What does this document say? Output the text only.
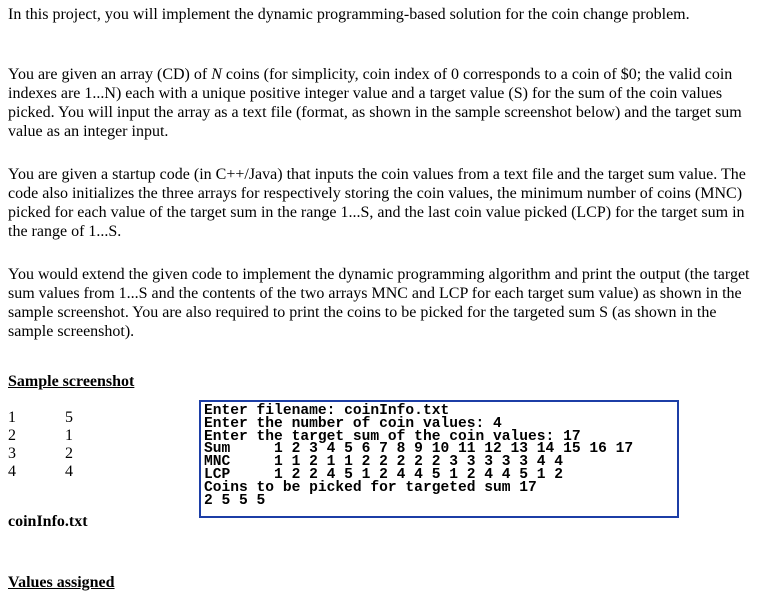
In this project, you will implement the dynamic programming-based solution for the coin change problem.

You are given an array (CD) of N coins (for simplicity, coin index of 0 corresponds to a coin of $0; the valid coin indexes are 1...N) each with a unique positive integer value and a target value (S) for the sum of the coin values picked. You will input the array as a text file (format, as shown in the sample screenshot below) and the target sum value as an integer input.

You are given a startup code (in C++/Java) that inputs the coin values from a text file and the target sum value. The code also initializes the three arrays for respectively storing the coin values, the minimum number of coins (MNC) picked for each value of the target sum in the range 1...S, and the last coin value picked (LCP) for the target sum in the range of 1...S.

You would extend the given code to implement the dynamic programming algorithm and print the output (the target sum values from 1...S and the contents of the two arrays MNC and LCP for each target sum value) as shown in the sample screenshot. You are also required to print the coins to be picked for the targeted sum S (as shown in the sample screenshot).

Sample screenshot

1	5
2	1
3	2
4	4

coinInfo.txt

Enter filename: coinInfo.txt
Enter the number of coin values: 4
Enter the target sum of the coin values: 17
Sum     1 2 3 4 5 6 7 8 9 10 11 12 13 14 15 16 17
MNC     1 1 2 1 1 2 2 2 2 2 3 3 3 3 3 4 4
LCP     1 2 2 4 5 1 2 4 4 5 1 2 4 4 5 1 2
Coins to be picked for targeted sum 17
2 5 5 5

Values assigned
